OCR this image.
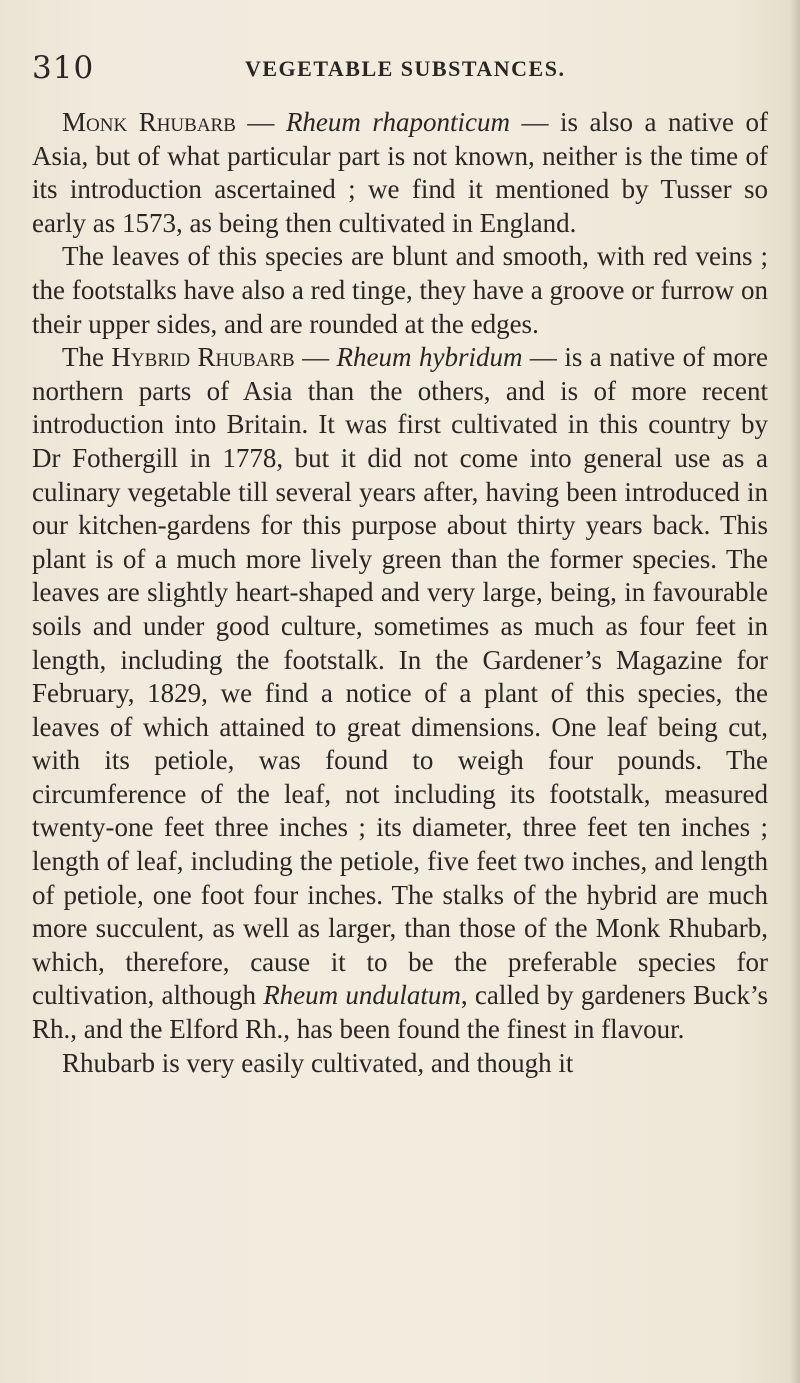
310	VEGETABLE SUBSTANCES.

Monk Rhubarb — Rheum rhaponticum — is also a native of Asia, but of what particular part is not known, neither is the time of its introduction ascertained ; we find it mentioned by Tusser so early as 1573, as being then cultivated in England.

The leaves of this species are blunt and smooth, with red veins ; the footstalks have also a red tinge, they have a groove or furrow on their upper sides, and are rounded at the edges.

The Hybrid Rhubarb — Rheum hybridum — is a native of more northern parts of Asia than the others, and is of more recent introduction into Britain. It was first cultivated in this country by Dr Fothergill in 1778, but it did not come into general use as a culinary vegetable till several years after, having been introduced in our kitchen-gardens for this purpose about thirty years back. This plant is of a much more lively green than the former species. The leaves are slightly heart-shaped and very large, being, in favourable soils and under good culture, sometimes as much as four feet in length, including the footstalk. In the Gardener’s Magazine for February, 1829, we find a notice of a plant of this species, the leaves of which attained to great dimensions. One leaf being cut, with its petiole, was found to weigh four pounds. The circumference of the leaf, not including its footstalk, measured twenty-one feet three inches ; its diameter, three feet ten inches ; length of leaf, including the petiole, five feet two inches, and length of petiole, one foot four inches. The stalks of the hybrid are much more succulent, as well as larger, than those of the Monk Rhubarb, which, therefore, cause it to be the preferable species for cultivation, although Rheum undulatum, called by gardeners Buck’s Rh., and the Elford Rh., has been found the finest in flavour.

Rhubarb is very easily cultivated, and though it
